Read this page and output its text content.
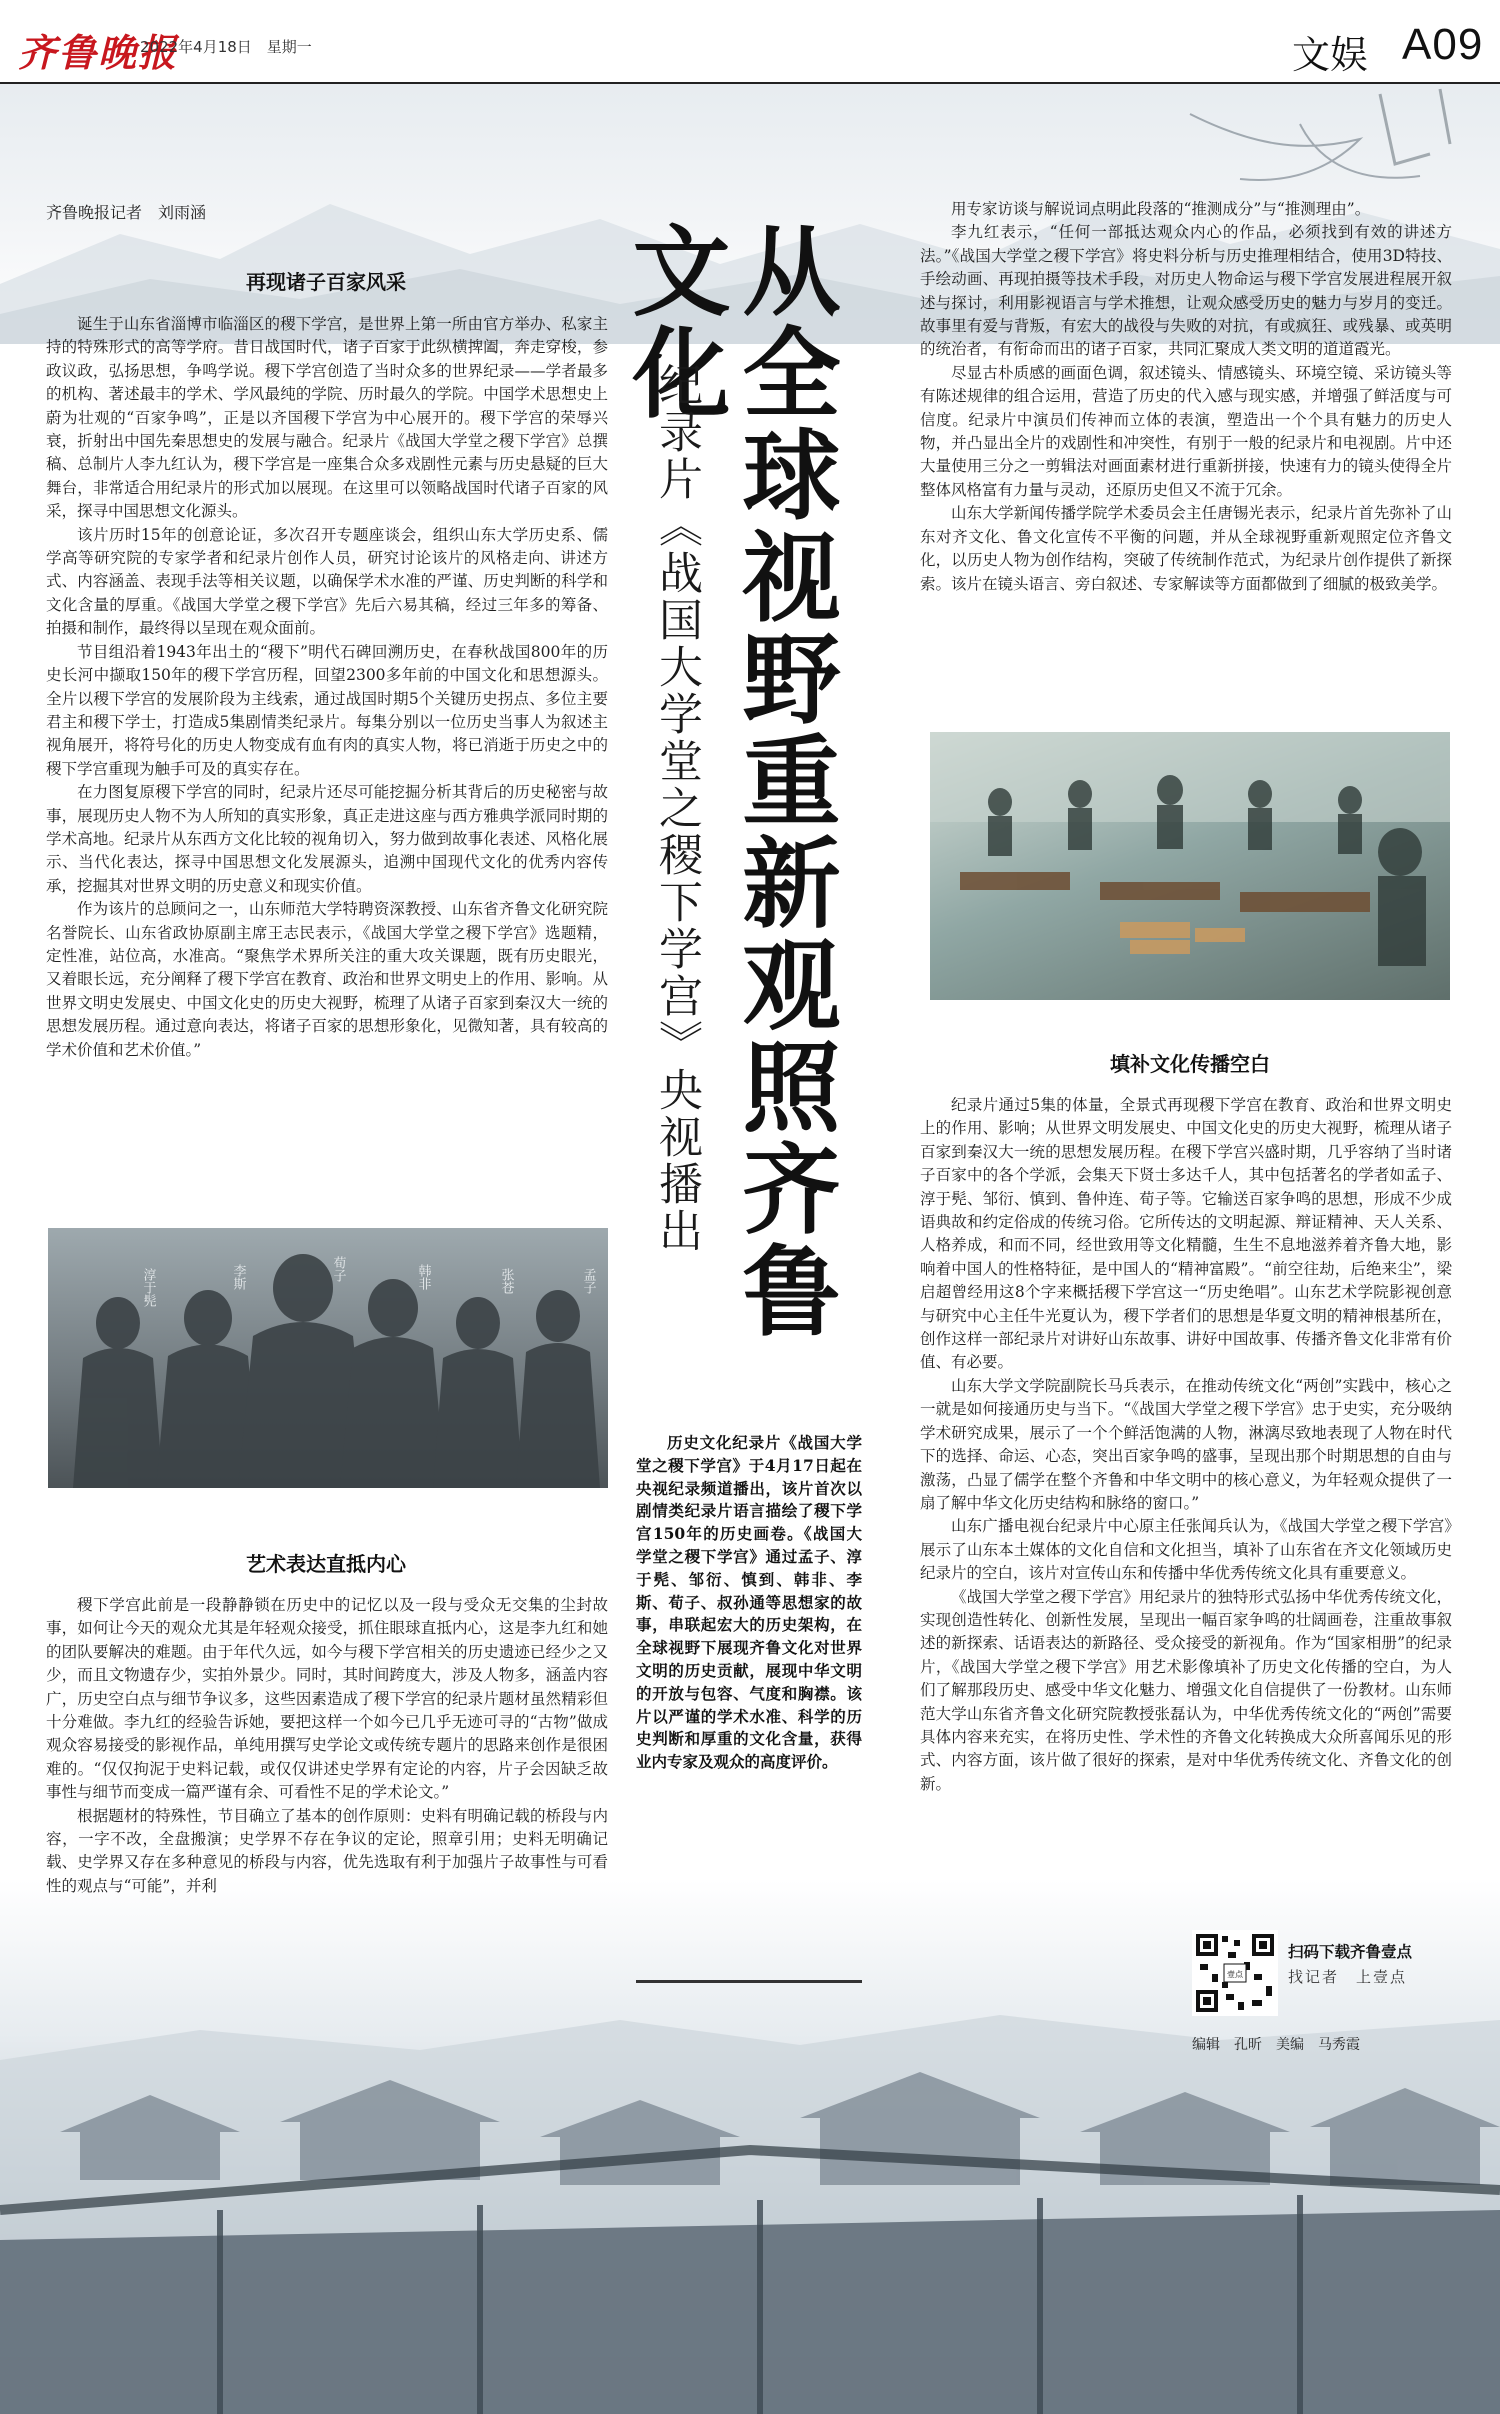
齐鲁晚报
2022年4月18日　星期一	文娱 A09
齐鲁晚报记者　刘雨涵
再现诸子百家风采

诞生于山东省淄博市临淄区的稷下学宫，是世界上第一所由官方举办、私家主持的特殊形式的高等学府。昔日战国时代，诸子百家于此纵横捭阖，奔走穿梭，参政议政，弘扬思想，争鸣学说。稷下学宫创造了当时众多的世界纪录——学者最多的机构、著述最丰的学术、学风最纯的学院、历时最久的学院。中国学术思想史上蔚为壮观的“百家争鸣”，正是以齐国稷下学宫为中心展开的。稷下学宫的荣辱兴衰，折射出中国先秦思想史的发展与融合。纪录片《战国大学堂之稷下学宫》总撰稿、总制片人李九红认为，稷下学宫是一座集合众多戏剧性元素与历史悬疑的巨大舞台，非常适合用纪录片的形式加以展现。在这里可以领略战国时代诸子百家的风采，探寻中国思想文化源头。

该片历时15年的创意论证，多次召开专题座谈会，组织山东大学历史系、儒学高等研究院的专家学者和纪录片创作人员，研究讨论该片的风格走向、讲述方式、内容涵盖、表现手法等相关议题，以确保学术水准的严谨、历史判断的科学和文化含量的厚重。《战国大学堂之稷下学宫》先后六易其稿，经过三年多的筹备、拍摄和制作，最终得以呈现在观众面前。

节目组沿着1943年出土的“稷下”明代石碑回溯历史，在春秋战国800年的历史长河中撷取150年的稷下学宫历程，回望2300多年前的中国文化和思想源头。全片以稷下学宫的发展阶段为主线索，通过战国时期5个关键历史拐点、多位主要君主和稷下学士，打造成5集剧情类纪录片。每集分别以一位历史当事人为叙述主视角展开，将符号化的历史人物变成有血有肉的真实人物，将已消逝于历史之中的稷下学宫重现为触手可及的真实存在。

在力图复原稷下学宫的同时，纪录片还尽可能挖掘分析其背后的历史秘密与故事，展现历史人物不为人所知的真实形象，真正走进这座与西方雅典学派同时期的学术高地。纪录片从东西方文化比较的视角切入，努力做到故事化表述、风格化展示、当代化表达，探寻中国思想文化发展源头，追溯中国现代文化的优秀内容传承，挖掘其对世界文明的历史意义和现实价值。

作为该片的总顾问之一，山东师范大学特聘资深教授、山东省齐鲁文化研究院名誉院长、山东省政协原副主席王志民表示，《战国大学堂之稷下学宫》选题精，定性准，站位高，水准高。“聚焦学术界所关注的重大攻关课题，既有历史眼光，又着眼长远，充分阐释了稷下学宫在教育、政治和世界文明史上的作用、影响。从世界文明史发展史、中国文化史的历史大视野，梳理了从诸子百家到秦汉大一统的思想发展历程。通过意向表达，将诸子百家的思想形象化，见微知著，具有较高的学术价值和艺术价值。”

淳于髡	李斯	荀子	韩非	张苍	孟子
艺术表达直抵内心

稷下学宫此前是一段静静锁在历史中的记忆以及一段与受众无交集的尘封故事，如何让今天的观众尤其是年轻观众接受，抓住眼球直抵内心，这是李九红和她的团队要解决的难题。由于年代久远，如今与稷下学宫相关的历史遗迹已经少之又少，而且文物遗存少，实拍外景少。同时，其时间跨度大，涉及人物多，涵盖内容广，历史空白点与细节争议多，这些因素造成了稷下学宫的纪录片题材虽然精彩但十分难做。李九红的经验告诉她，要把这样一个如今已几乎无迹可寻的“古物”做成观众容易接受的影视作品，单纯用撰写史学论文或传统专题片的思路来创作是很困难的。“仅仅拘泥于史料记载，或仅仅讲述史学界有定论的内容，片子会因缺乏故事性与细节而变成一篇严谨有余、可看性不足的学术论文。”

根据题材的特殊性，节目确立了基本的创作原则：史料有明确记载的桥段与内容，一字不改，全盘搬演；史学界不存在争议的定论，照章引用；史料无明确记载、史学界又存在多种意见的桥段与内容，优先选取有利于加强片子故事性与可看性的观点与“可能”，并利

从全球视野重新观照齐鲁文化
纪录片《战国大学堂之稷下学宫》央视播出

历史文化纪录片《战国大学堂之稷下学宫》于4月17日起在央视纪录频道播出，该片首次以剧情类纪录片语言描绘了稷下学宫150年的历史画卷。《战国大学堂之稷下学宫》通过孟子、淳于髡、邹衍、慎到、韩非、李斯、荀子、叔孙通等思想家的故事，串联起宏大的历史架构，在全球视野下展现齐鲁文化对世界文明的历史贡献，展现中华文明的开放与包容、气度和胸襟。该片以严谨的学术水准、科学的历史判断和厚重的文化含量，获得业内专家及观众的高度评价。

用专家访谈与解说词点明此段落的“推测成分”与“推测理由”。

李九红表示，“任何一部抵达观众内心的作品，必须找到有效的讲述方法。”《战国大学堂之稷下学宫》将史料分析与历史推理相结合，使用3D特技、手绘动画、再现拍摄等技术手段，对历史人物命运与稷下学宫发展进程展开叙述与探讨，利用影视语言与学术推想，让观众感受历史的魅力与岁月的变迁。故事里有爱与背叛，有宏大的战役与失败的对抗，有或疯狂、或残暴、或英明的统治者，有衔命而出的诸子百家，共同汇聚成人类文明的道道霞光。

尽显古朴质感的画面色调，叙述镜头、情感镜头、环境空镜、采访镜头等有陈述规律的组合运用，营造了历史的代入感与现实感，并增强了鲜活度与可信度。纪录片中演员们传神而立体的表演，塑造出一个个具有魅力的历史人物，并凸显出全片的戏剧性和冲突性，有别于一般的纪录片和电视剧。片中还大量使用三分之一剪辑法对画面素材进行重新拼接，快速有力的镜头使得全片整体风格富有力量与灵动，还原历史但又不流于冗余。

山东大学新闻传播学院学术委员会主任唐锡光表示，纪录片首先弥补了山东对齐文化、鲁文化宣传不平衡的问题，并从全球视野重新观照定位齐鲁文化，以历史人物为创作结构，突破了传统制作范式，为纪录片创作提供了新探索。该片在镜头语言、旁白叙述、专家解读等方面都做到了细腻的极致美学。

填补文化传播空白

纪录片通过5集的体量，全景式再现稷下学宫在教育、政治和世界文明史上的作用、影响；从世界文明发展史、中国文化史的历史大视野，梳理从诸子百家到秦汉大一统的思想发展历程。在稷下学宫兴盛时期，几乎容纳了当时诸子百家中的各个学派，会集天下贤士多达千人，其中包括著名的学者如孟子、淳于髡、邹衍、慎到、鲁仲连、荀子等。它输送百家争鸣的思想，形成不少成语典故和约定俗成的传统习俗。它所传达的文明起源、辩证精神、天人关系、人格养成，和而不同，经世致用等文化精髓，生生不息地滋养着齐鲁大地，影响着中国人的性格特征，是中国人的“精神富殿”。“前空往劫，后绝来尘”，梁启超曾经用这8个字来概括稷下学宫这一“历史绝唱”。山东艺术学院影视创意与研究中心主任牛光夏认为，稷下学者们的思想是华夏文明的精神根基所在，创作这样一部纪录片对讲好山东故事、讲好中国故事、传播齐鲁文化非常有价值、有必要。

山东大学文学院副院长马兵表示，在推动传统文化“两创”实践中，核心之一就是如何接通历史与当下。“《战国大学堂之稷下学宫》忠于史实，充分吸纳学术研究成果，展示了一个个鲜活饱满的人物，淋漓尽致地表现了人物在时代下的选择、命运、心态，突出百家争鸣的盛事，呈现出那个时期思想的自由与激荡，凸显了儒学在整个齐鲁和中华文明中的核心意义，为年轻观众提供了一扇了解中华文化历史结构和脉络的窗口。”

山东广播电视台纪录片中心原主任张闻兵认为，《战国大学堂之稷下学宫》展示了山东本土媒体的文化自信和文化担当，填补了山东省在齐文化领域历史纪录片的空白，该片对宣传山东和传播中华优秀传统文化具有重要意义。

《战国大学堂之稷下学宫》用纪录片的独特形式弘扬中华优秀传统文化，实现创造性转化、创新性发展，呈现出一幅百家争鸣的壮阔画卷，注重故事叙述的新探索、话语表达的新路径、受众接受的新视角。作为“国家相册”的纪录片，《战国大学堂之稷下学宫》用艺术影像填补了历史文化传播的空白，为人们了解那段历史、感受中华文化魅力、增强文化自信提供了一份教材。山东师范大学山东省齐鲁文化研究院教授张磊认为，中华优秀传统文化的“两创”需要具体内容来充实，在将历史性、学术性的齐鲁文化转换成大众所喜闻乐见的形式、内容方面，该片做了很好的探索，是对中华优秀传统文化、齐鲁文化的创新。

壹点
扫码下载齐鲁壹点
找记者　上壹点
编辑　孔昕　美编　马秀霞
